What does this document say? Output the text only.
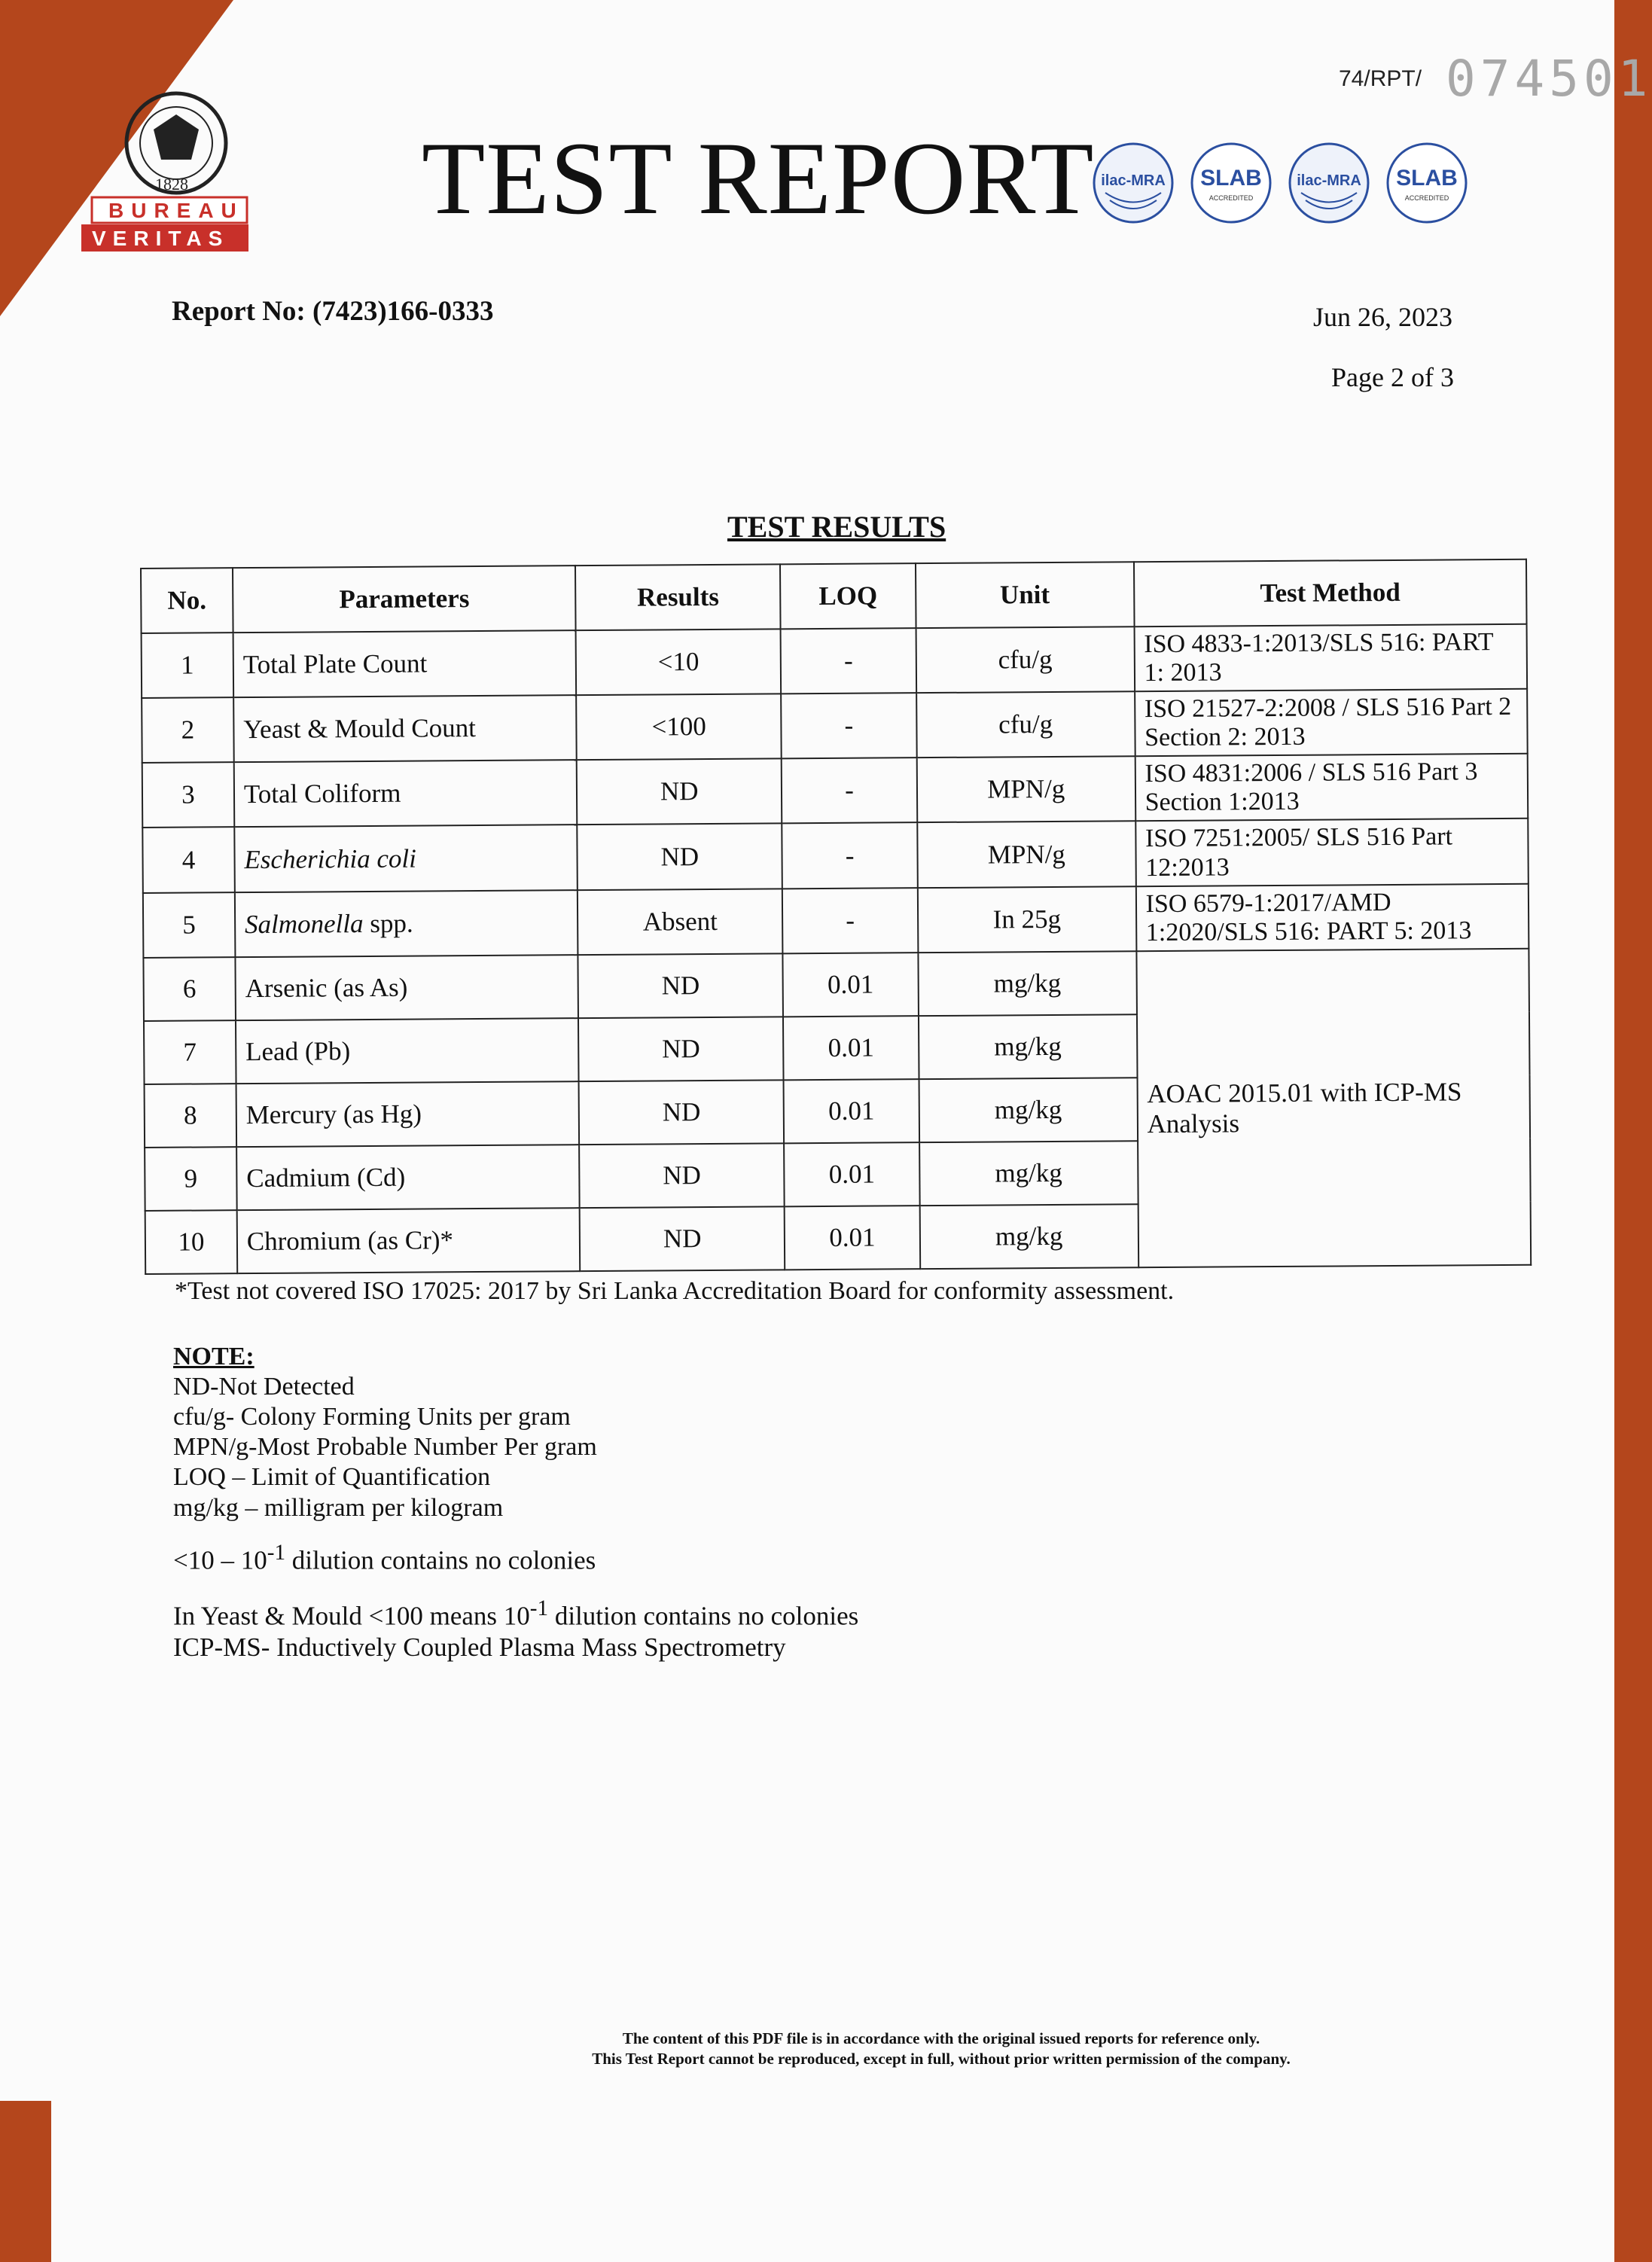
1828
BUREAU
VERITAS
74/RPT/ 074501
TEST REPORT ilac-MRA SLAB
ACCREDITED
ilac-MRA SLAB
ACCREDITED
Report No: (7423)166-0333	Jun 26, 2023
Page 2 of 3
TEST RESULTS
No.	Parameters	Results	LOQ	Unit	Test Method
1	Total Plate Count	<10	-	cfu/g	ISO 4833-1:2013/SLS 516: PART 1: 2013
2	Yeast & Mould Count	<100	-	cfu/g	ISO 21527-2:2008 / SLS 516 Part 2 Section 2: 2013
3	Total Coliform	ND	-	MPN/g	ISO 4831:2006 / SLS 516 Part 3 Section 1:2013
4	Escherichia coli	ND	-	MPN/g	ISO 7251:2005/ SLS 516 Part 12:2013
5	Salmonella spp.	Absent	-	In 25g	ISO 6579-1:2017/AMD 1:2020/SLS 516: PART 5: 2013
6	Arsenic (as As)	ND	0.01	mg/kg	AOAC 2015.01 with ICP-MS Analysis
7	Lead (Pb)	ND	0.01	mg/kg	
8	Mercury (as Hg)	ND	0.01	mg/kg	
9	Cadmium (Cd)	ND	0.01	mg/kg	
10	Chromium (as Cr)*	ND	0.01	mg/kg	
*Test not covered ISO 17025: 2017 by Sri Lanka Accreditation Board for conformity assessment.
NOTE:
ND-Not Detected
cfu/g- Colony Forming Units per gram
MPN/g-Most Probable Number Per gram
LOQ – Limit of Quantification
mg/kg – milligram per kilogram
$<10 - 10^{-1}$ dilution contains no colonies
In Yeast & Mould <100 means $10^{-1}$ dilution contains no colonies
ICP-MS- Inductively Coupled Plasma Mass Spectrometry
The content of this PDF file is in accordance with the original issued reports for reference only.
This Test Report cannot be reproduced, except in full, without prior written permission of the company.
